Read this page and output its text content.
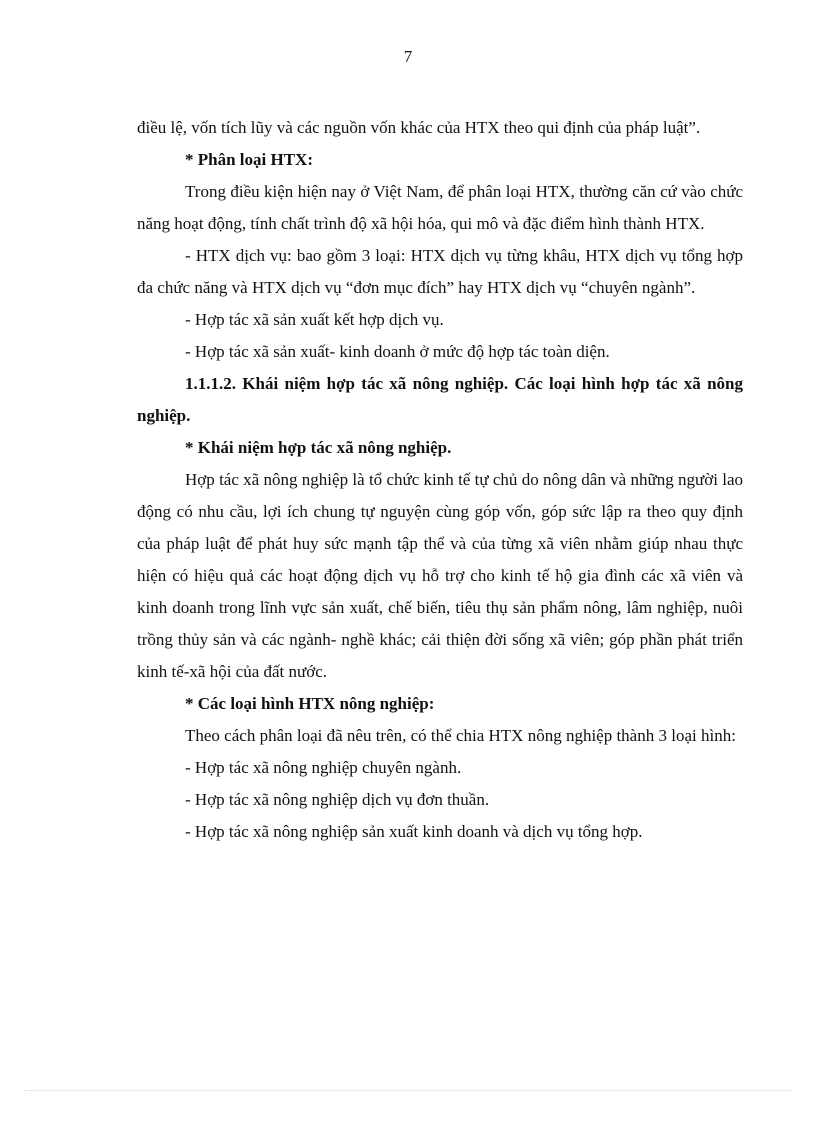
7

điều lệ, vốn tích lũy và các nguồn vốn khác của HTX theo qui định của pháp luật”.

* Phân loại HTX:

Trong điều kiện hiện nay ở Việt Nam, để phân loại HTX, thường căn cứ vào chức năng hoạt động, tính chất trình độ xã hội hóa, qui mô và đặc điểm hình thành HTX.

- HTX dịch vụ: bao gồm 3 loại: HTX dịch vụ từng khâu, HTX dịch vụ tổng hợp đa chức năng và HTX dịch vụ “đơn mục đích” hay HTX dịch vụ “chuyên ngành”.

- Hợp tác xã sản xuất kết hợp dịch vụ.

- Hợp tác xã sản xuất- kinh doanh ở mức độ hợp tác toàn diện.

1.1.1.2. Khái niệm hợp tác xã nông nghiệp. Các loại hình hợp tác xã nông nghiệp.

* Khái niệm hợp tác xã nông nghiệp.

Hợp tác xã nông nghiệp là tổ chức kinh tế tự chủ do nông dân và những người lao động có nhu cầu, lợi ích chung tự nguyện cùng góp vốn, góp sức lập ra theo quy định của pháp luật để phát huy sức mạnh tập thể và của từng xã viên nhằm giúp nhau thực hiện có hiệu quả các hoạt động dịch vụ hỗ trợ cho kinh tế hộ gia đình các xã viên và kinh doanh trong lĩnh vực sản xuất, chế biến, tiêu thụ sản phẩm nông, lâm nghiệp, nuôi trồng thủy sản và các ngành- nghề khác; cải thiện đời sống xã viên; góp phần phát triển kinh tế-xã hội của đất nước.

* Các loại hình HTX nông nghiệp:

Theo cách phân loại đã nêu trên, có thể chia HTX nông nghiệp thành 3 loại hình:

- Hợp tác xã nông nghiệp chuyên ngành.

- Hợp tác xã nông nghiệp dịch vụ đơn thuần.

- Hợp tác xã nông nghiệp sản xuất kinh doanh và dịch vụ tổng hợp.
